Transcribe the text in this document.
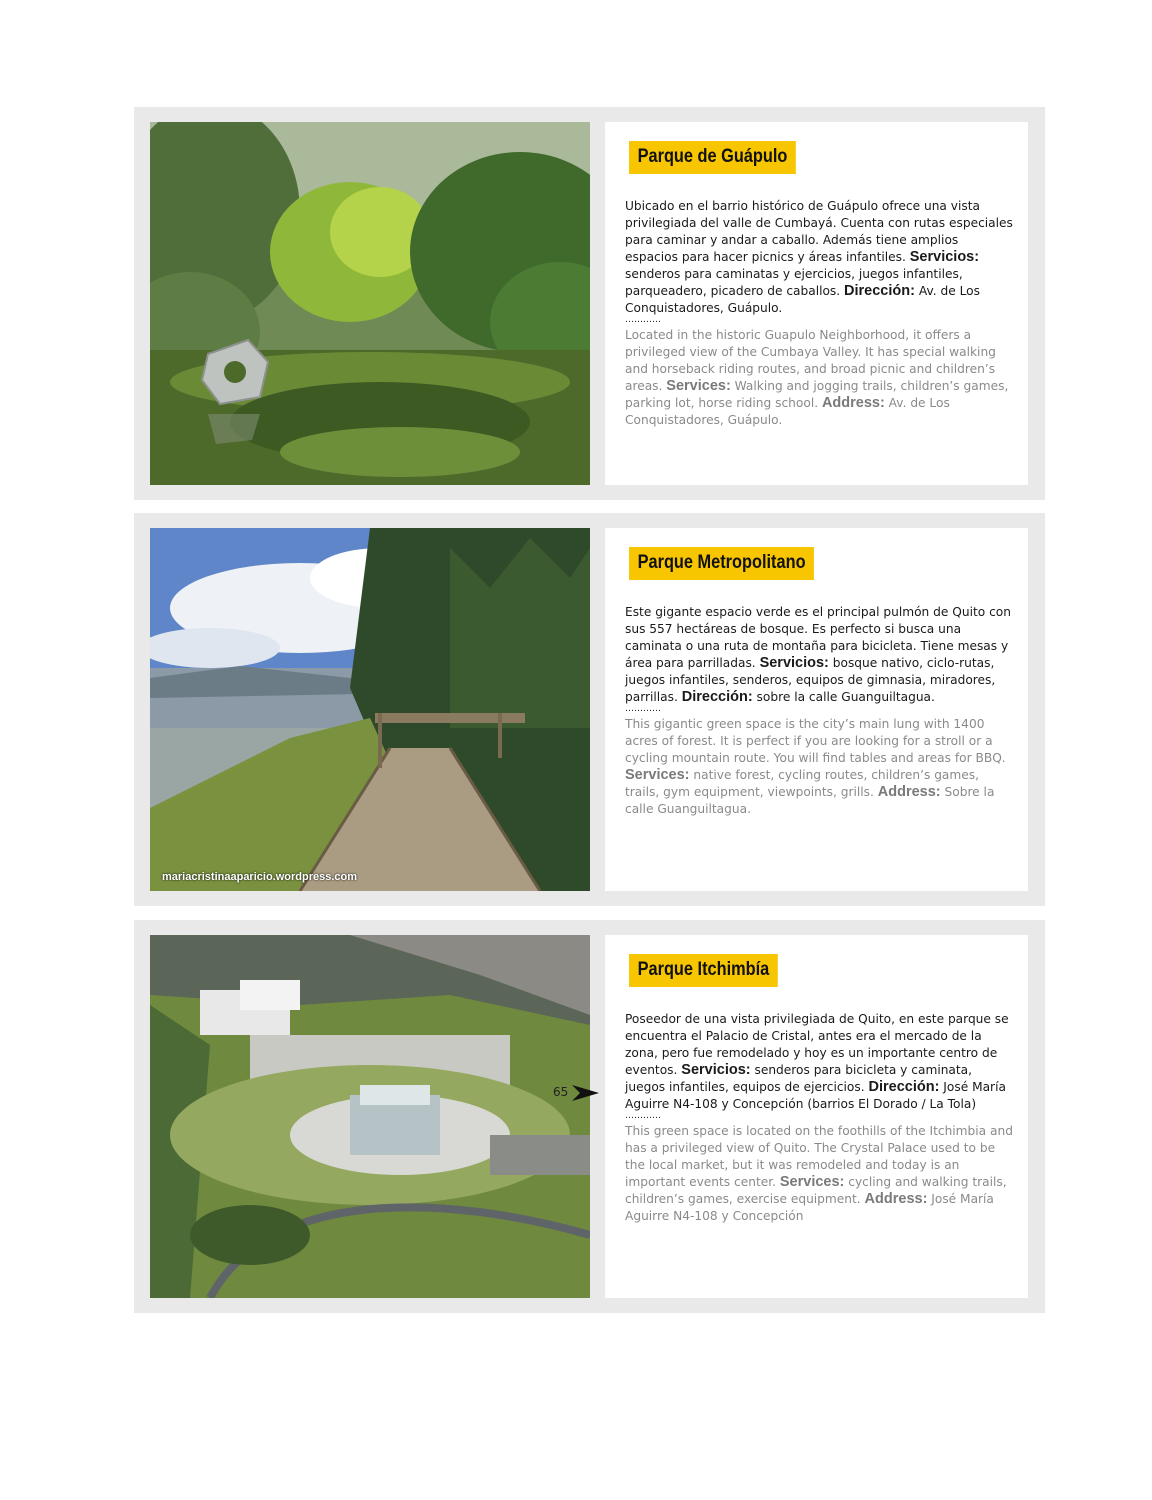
Parque de Guápulo

Ubicado en el barrio histórico de Guápulo ofrece una vista privilegiada del valle de Cumbayá. Cuenta con rutas especiales para caminar y andar a caballo. Además tiene amplios espacios para hacer picnics y áreas infantiles. Servicios: senderos para caminatas y ejercicios, juegos infantiles, parqueadero, picadero de caballos. Dirección: Av. de Los Conquistadores, Guápulo.

…………

Located in the historic Guapulo Neighborhood, it offers a privileged view of the Cumbaya Valley. It has special walking and horseback riding routes, and broad picnic and children’s areas. Services: Walking and jogging trails, children’s games, parking lot, horse riding school. Address: Av. de Los Conquistadores, Guápulo.

mariacristinaaparicio.wordpress.com
Parque Metropolitano

Este gigante espacio verde es el principal pulmón de Quito con sus 557 hectáreas de bosque. Es perfecto si busca una caminata o una ruta de montaña para bicicleta. Tiene mesas y área para parrilladas. Servicios: bosque nativo, ciclo-rutas, juegos infantiles, senderos, equipos de gimnasia, miradores, parrillas. Dirección: sobre la calle Guanguiltagua.

…………

This gigantic green space is the city’s main lung with 1400 acres of forest. It is perfect if you are looking for a stroll or a cycling mountain route. You will find tables and areas for BBQ. Services: native forest, cycling routes, children’s games, trails, gym equipment, viewpoints, grills. Address: Sobre la calle Guanguiltagua.

Parque Itchimbía

Poseedor de una vista privilegiada de Quito, en este parque se encuentra el Palacio de Cristal, antes era el mercado de la zona, pero fue remodelado y hoy es un importante centro de eventos. Servicios: senderos para bicicleta y caminata, juegos infantiles, equipos de ejercicios. Dirección: José María Aguirre N4-108 y Concepción (barrios El Dorado / La Tola)

…………

This green space is located on the foothills of the Itchimbia and has a privileged view of Quito. The Crystal Palace used to be the local market, but it was remodeled and today is an important events center. Services: cycling and walking trails, children’s games, exercise equipment. Address: José María Aguirre N4-108 y Concepción

65
